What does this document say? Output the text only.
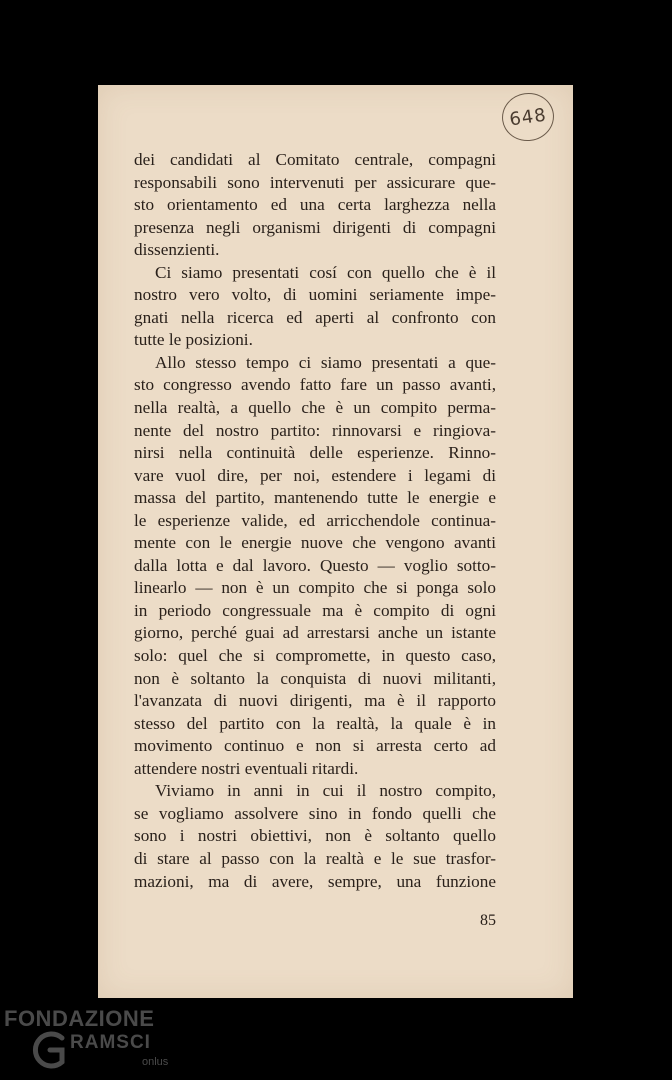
648
dei candidati al Comitato centrale, compagni
responsabili sono intervenuti per assicurare que-
sto orientamento ed una certa larghezza nella
presenza negli organismi dirigenti di compagni
dissenzienti.
Ci siamo presentati cosí con quello che è il
nostro vero volto, di uomini seriamente impe-
gnati nella ricerca ed aperti al confronto con
tutte le posizioni.
Allo stesso tempo ci siamo presentati a que-
sto congresso avendo fatto fare un passo avanti,
nella realtà, a quello che è un compito perma-
nente del nostro partito: rinnovarsi e ringiova-
nirsi nella continuità delle esperienze. Rinno-
vare vuol dire, per noi, estendere i legami di
massa del partito, mantenendo tutte le energie e
le esperienze valide, ed arricchendole continua-
mente con le energie nuove che vengono avanti
dalla lotta e dal lavoro. Questo — voglio sotto-
linearlo — non è un compito che si ponga solo
in periodo congressuale ma è compito di ogni
giorno, perché guai ad arrestarsi anche un istante
solo: quel che si compromette, in questo caso,
non è soltanto la conquista di nuovi militanti,
l'avanzata di nuovi dirigenti, ma è il rapporto
stesso del partito con la realtà, la quale è in
movimento continuo e non si arresta certo ad
attendere nostri eventuali ritardi.
Viviamo in anni in cui il nostro compito,
se vogliamo assolvere sino in fondo quelli che
sono i nostri obiettivi, non è soltanto quello
di stare al passo con la realtà e le sue trasfor-
mazioni, ma di avere, sempre, una funzione
85
FONDAZIONE
RAMSCI
onlus
